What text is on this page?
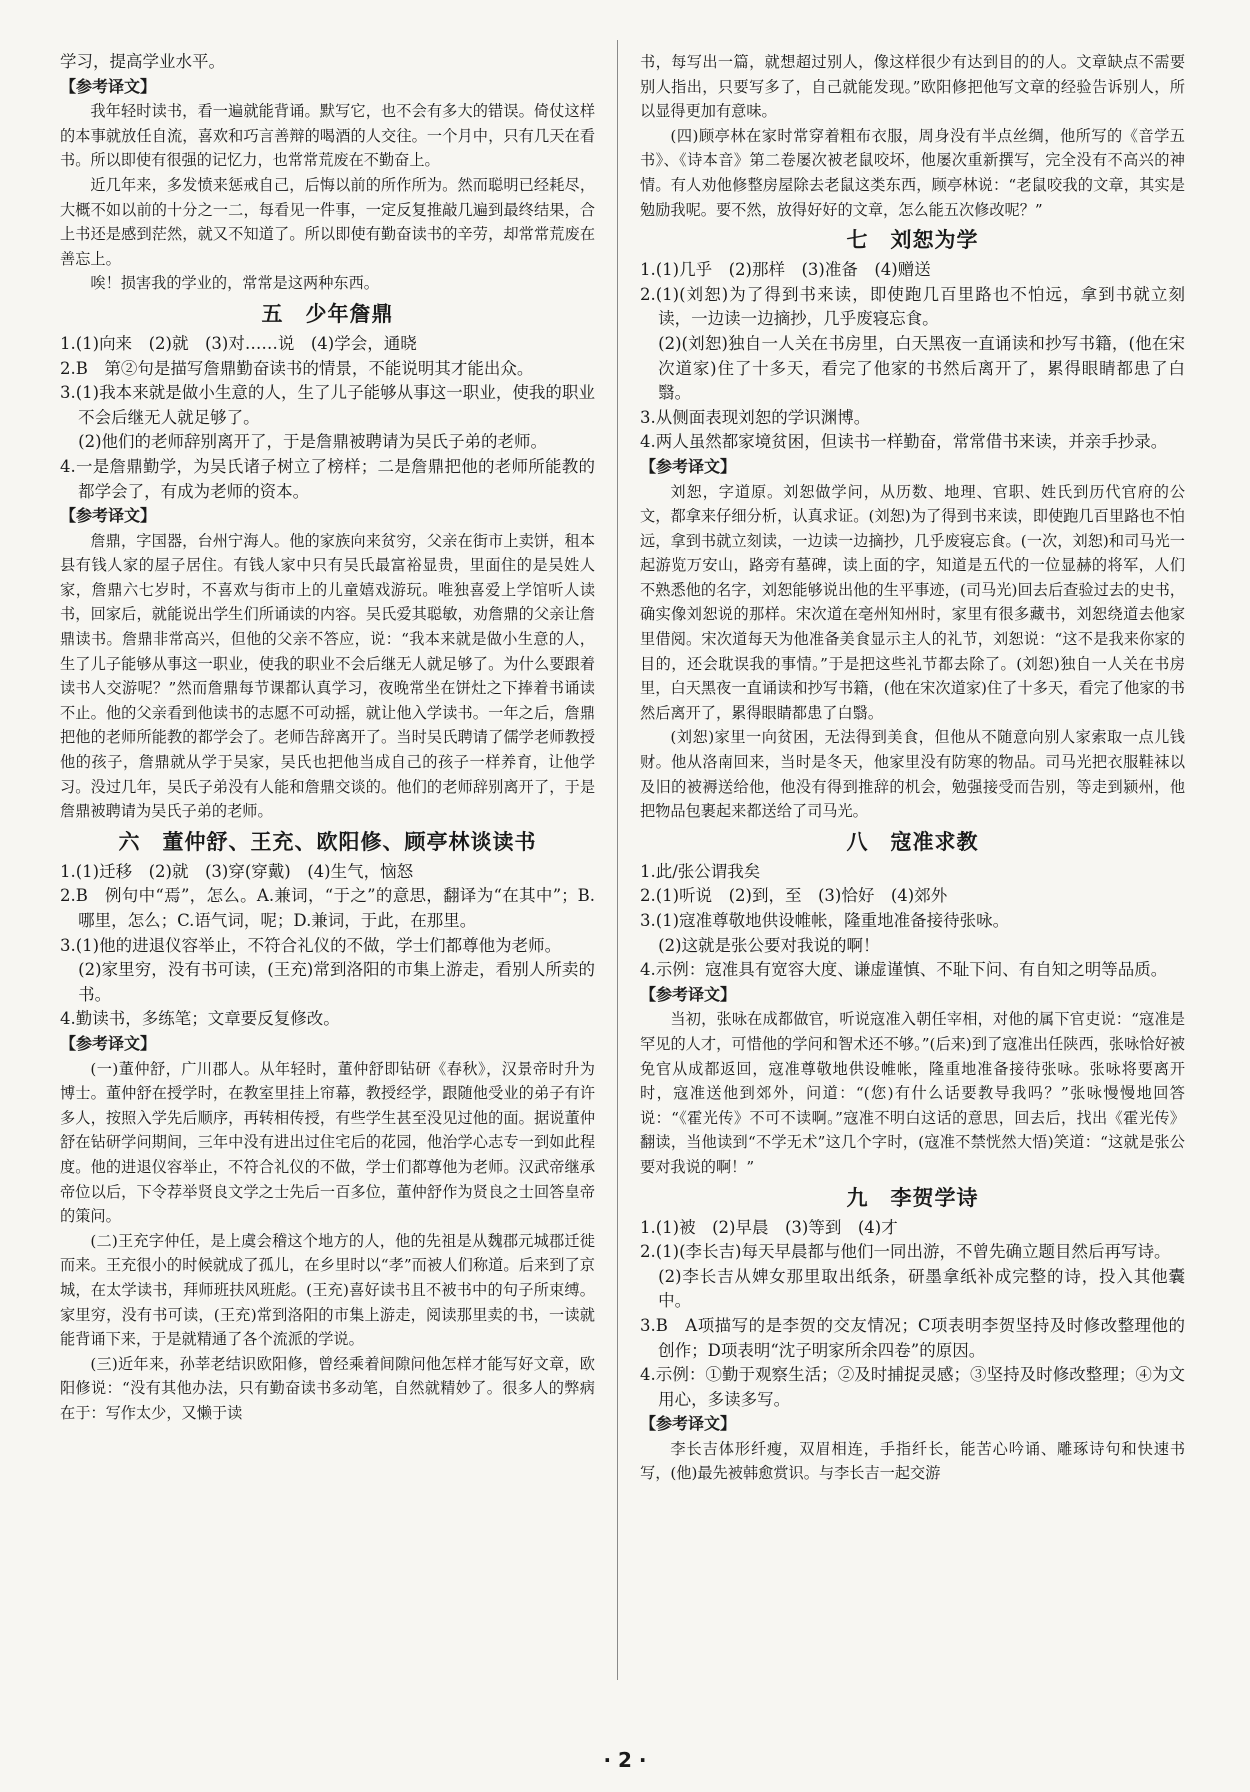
学习，提高学业水平。

【参考译文】

我年轻时读书，看一遍就能背诵。默写它，也不会有多大的错误。倚仗这样的本事就放任自流，喜欢和巧言善辩的喝酒的人交往。一个月中，只有几天在看书。所以即使有很强的记忆力，也常常荒废在不勤奋上。

近几年来，多发愤来惩戒自己，后悔以前的所作所为。然而聪明已经耗尽，大概不如以前的十分之一二，每看见一件事，一定反复推敲几遍到最终结果，合上书还是感到茫然，就又不知道了。所以即使有勤奋读书的辛劳，却常常荒废在善忘上。

唉！损害我的学业的，常常是这两种东西。

五　少年詹鼎

1.(1)向来　(2)就　(3)对……说　(4)学会，通晓

2.B　第②句是描写詹鼎勤奋读书的情景，不能说明其才能出众。

3.(1)我本来就是做小生意的人，生了儿子能够从事这一职业，使我的职业不会后继无人就足够了。

(2)他们的老师辞别离开了，于是詹鼎被聘请为吴氏子弟的老师。

4.一是詹鼎勤学，为吴氏诸子树立了榜样；二是詹鼎把他的老师所能教的都学会了，有成为老师的资本。

【参考译文】

詹鼎，字国器，台州宁海人。他的家族向来贫穷，父亲在街市上卖饼，租本县有钱人家的屋子居住。有钱人家中只有吴氏最富裕显贵，里面住的是吴姓人家，詹鼎六七岁时，不喜欢与街市上的儿童嬉戏游玩。唯独喜爱上学馆听人读书，回家后，就能说出学生们所诵读的内容。吴氏爱其聪敏，劝詹鼎的父亲让詹鼎读书。詹鼎非常高兴，但他的父亲不答应，说：“我本来就是做小生意的人，生了儿子能够从事这一职业，使我的职业不会后继无人就足够了。为什么要跟着读书人交游呢？”然而詹鼎每节课都认真学习，夜晚常坐在饼灶之下捧着书诵读不止。他的父亲看到他读书的志愿不可动摇，就让他入学读书。一年之后，詹鼎把他的老师所能教的都学会了。老师告辞离开了。当时吴氏聘请了儒学老师教授他的孩子，詹鼎就从学于吴家，吴氏也把他当成自己的孩子一样养育，让他学习。没过几年，吴氏子弟没有人能和詹鼎交谈的。他们的老师辞别离开了，于是詹鼎被聘请为吴氏子弟的老师。

六　董仲舒、王充、欧阳修、顾亭林谈读书

1.(1)迁移　(2)就　(3)穿(穿戴)　(4)生气，恼怒

2.B　例句中“焉”，怎么。A.兼词，“于之”的意思，翻译为“在其中”；B.哪里，怎么；C.语气词，呢；D.兼词，于此，在那里。

3.(1)他的进退仪容举止，不符合礼仪的不做，学士们都尊他为老师。

(2)家里穷，没有书可读，(王充)常到洛阳的市集上游走，看别人所卖的书。

4.勤读书，多练笔；文章要反复修改。

【参考译文】

(一)董仲舒，广川郡人。从年轻时，董仲舒即钻研《春秋》，汉景帝时升为博士。董仲舒在授学时，在教室里挂上帘幕，教授经学，跟随他受业的弟子有许多人，按照入学先后顺序，再转相传授，有些学生甚至没见过他的面。据说董仲舒在钻研学问期间，三年中没有进出过住宅后的花园，他治学心志专一到如此程度。他的进退仪容举止，不符合礼仪的不做，学士们都尊他为老师。汉武帝继承帝位以后，下令荐举贤良文学之士先后一百多位，董仲舒作为贤良之士回答皇帝的策问。

(二)王充字仲任，是上虞会稽这个地方的人，他的先祖是从魏郡元城郡迁徙而来。王充很小的时候就成了孤儿，在乡里时以“孝”而被人们称道。后来到了京城，在太学读书，拜师班扶风班彪。(王充)喜好读书且不被书中的句子所束缚。家里穷，没有书可读，(王充)常到洛阳的市集上游走，阅读那里卖的书，一读就能背诵下来，于是就精通了各个流派的学说。

(三)近年来，孙莘老结识欧阳修，曾经乘着间隙问他怎样才能写好文章，欧阳修说：“没有其他办法，只有勤奋读书多动笔，自然就精妙了。很多人的弊病在于：写作太少，又懒于读

书，每写出一篇，就想超过别人，像这样很少有达到目的的人。文章缺点不需要别人指出，只要写多了，自己就能发现。”欧阳修把他写文章的经验告诉别人，所以显得更加有意味。

(四)顾亭林在家时常穿着粗布衣服，周身没有半点丝绸，他所写的《音学五书》、《诗本音》第二卷屡次被老鼠咬坏，他屡次重新撰写，完全没有不高兴的神情。有人劝他修整房屋除去老鼠这类东西，顾亭林说：“老鼠咬我的文章，其实是勉励我呢。要不然，放得好好的文章，怎么能五次修改呢？”

七　刘恕为学

1.(1)几乎　(2)那样　(3)准备　(4)赠送

2.(1)(刘恕)为了得到书来读，即使跑几百里路也不怕远，拿到书就立刻读，一边读一边摘抄，几乎废寝忘食。

(2)(刘恕)独自一人关在书房里，白天黑夜一直诵读和抄写书籍，(他在宋次道家)住了十多天，看完了他家的书然后离开了，累得眼睛都患了白翳。

3.从侧面表现刘恕的学识渊博。

4.两人虽然都家境贫困，但读书一样勤奋，常常借书来读，并亲手抄录。

【参考译文】

刘恕，字道原。刘恕做学问，从历数、地理、官职、姓氏到历代官府的公文，都拿来仔细分析，认真求证。(刘恕)为了得到书来读，即使跑几百里路也不怕远，拿到书就立刻读，一边读一边摘抄，几乎废寝忘食。(一次，刘恕)和司马光一起游览万安山，路旁有墓碑，读上面的字，知道是五代的一位显赫的将军，人们不熟悉他的名字，刘恕能够说出他的生平事迹，(司马光)回去后查验过去的史书，确实像刘恕说的那样。宋次道在亳州知州时，家里有很多藏书，刘恕绕道去他家里借阅。宋次道每天为他准备美食显示主人的礼节，刘恕说：“这不是我来你家的目的，还会耽误我的事情。”于是把这些礼节都去除了。(刘恕)独自一人关在书房里，白天黑夜一直诵读和抄写书籍，(他在宋次道家)住了十多天，看完了他家的书然后离开了，累得眼睛都患了白翳。

(刘恕)家里一向贫困，无法得到美食，但他从不随意向别人家索取一点儿钱财。他从洛南回来，当时是冬天，他家里没有防寒的物品。司马光把衣服鞋袜以及旧的被褥送给他，他没有得到推辞的机会，勉强接受而告别，等走到颍州，他把物品包裹起来都送给了司马光。

八　寇准求教

1.此/张公谓我矣

2.(1)听说　(2)到，至　(3)恰好　(4)郊外

3.(1)寇准尊敬地供设帷帐，隆重地准备接待张咏。

(2)这就是张公要对我说的啊！

4.示例：寇准具有宽容大度、谦虚谨慎、不耻下问、有自知之明等品质。

【参考译文】

当初，张咏在成都做官，听说寇准入朝任宰相，对他的属下官吏说：“寇准是罕见的人才，可惜他的学问和智术还不够。”(后来)到了寇准出任陕西，张咏恰好被免官从成都返回，寇准尊敬地供设帷帐，隆重地准备接待张咏。张咏将要离开时，寇准送他到郊外，问道：“(您)有什么话要教导我吗？”张咏慢慢地回答说：“《霍光传》不可不读啊。”寇准不明白这话的意思，回去后，找出《霍光传》翻读，当他读到“不学无术”这几个字时，(寇准不禁恍然大悟)笑道：“这就是张公要对我说的啊！”

九　李贺学诗

1.(1)被　(2)早晨　(3)等到　(4)才

2.(1)(李长吉)每天早晨都与他们一同出游，不曾先确立题目然后再写诗。

(2)李长吉从婢女那里取出纸条，研墨拿纸补成完整的诗，投入其他囊中。

3.B　A项描写的是李贺的交友情况；C项表明李贺坚持及时修改整理他的创作；D项表明“沈子明家所余四卷”的原因。

4.示例：①勤于观察生活；②及时捕捉灵感；③坚持及时修改整理；④为文用心，多读多写。

【参考译文】

李长吉体形纤瘦，双眉相连，手指纤长，能苦心吟诵、雕琢诗句和快速书写，(他)最先被韩愈赏识。与李长吉一起交游

· 2 ·
